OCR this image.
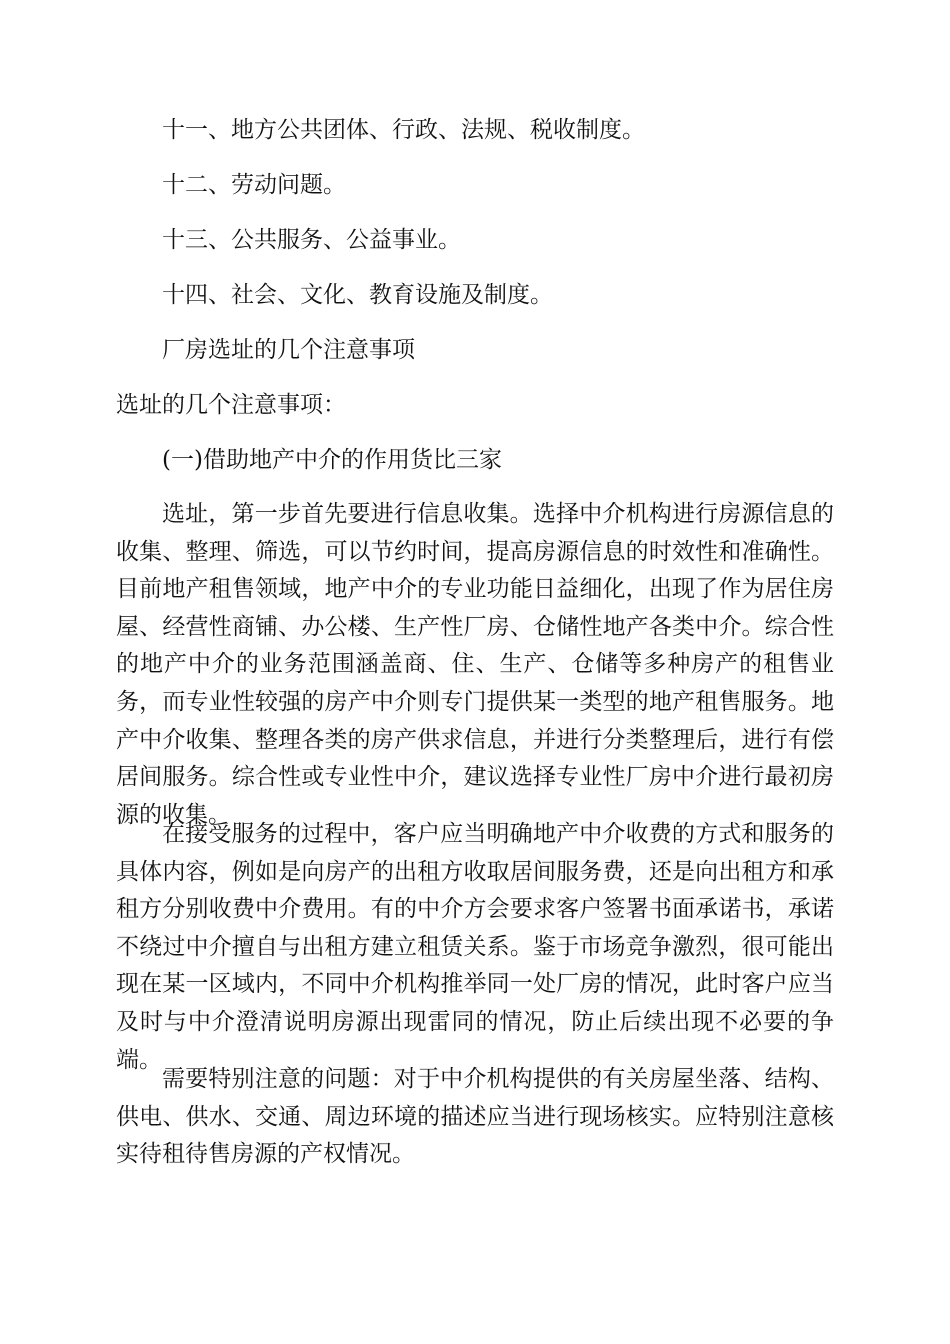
十一、地方公共团体、行政、法规、税收制度。
十二、劳动问题。
十三、公共服务、公益事业。
十四、社会、文化、教育设施及制度。
厂房选址的几个注意事项
选址的几个注意事项：
(一)借助地产中介的作用货比三家
选址，第一步首先要进行信息收集。选择中介机构进行房源信息的收集、整理、筛选，可以节约时间，提高房源信息的时效性和准确性。目前地产租售领域，地产中介的专业功能日益细化，出现了作为居住房屋、经营性商铺、办公楼、生产性厂房、仓储性地产各类中介。综合性的地产中介的业务范围涵盖商、住、生产、仓储等多种房产的租售业务，而专业性较强的房产中介则专门提供某一类型的地产租售服务。地产中介收集、整理各类的房产供求信息，并进行分类整理后，进行有偿居间服务。综合性或专业性中介，建议选择专业性厂房中介进行最初房源的收集。
在接受服务的过程中，客户应当明确地产中介收费的方式和服务的具体内容，例如是向房产的出租方收取居间服务费，还是向出租方和承租方分别收费中介费用。有的中介方会要求客户签署书面承诺书，承诺不绕过中介擅自与出租方建立租赁关系。鉴于市场竞争激烈，很可能出现在某一区域内，不同中介机构推举同一处厂房的情况，此时客户应当及时与中介澄清说明房源出现雷同的情况，防止后续出现不必要的争端。
需要特别注意的问题：对于中介机构提供的有关房屋坐落、结构、供电、供水、交通、周边环境的描述应当进行现场核实。应特别注意核实待租待售房源的产权情况。
